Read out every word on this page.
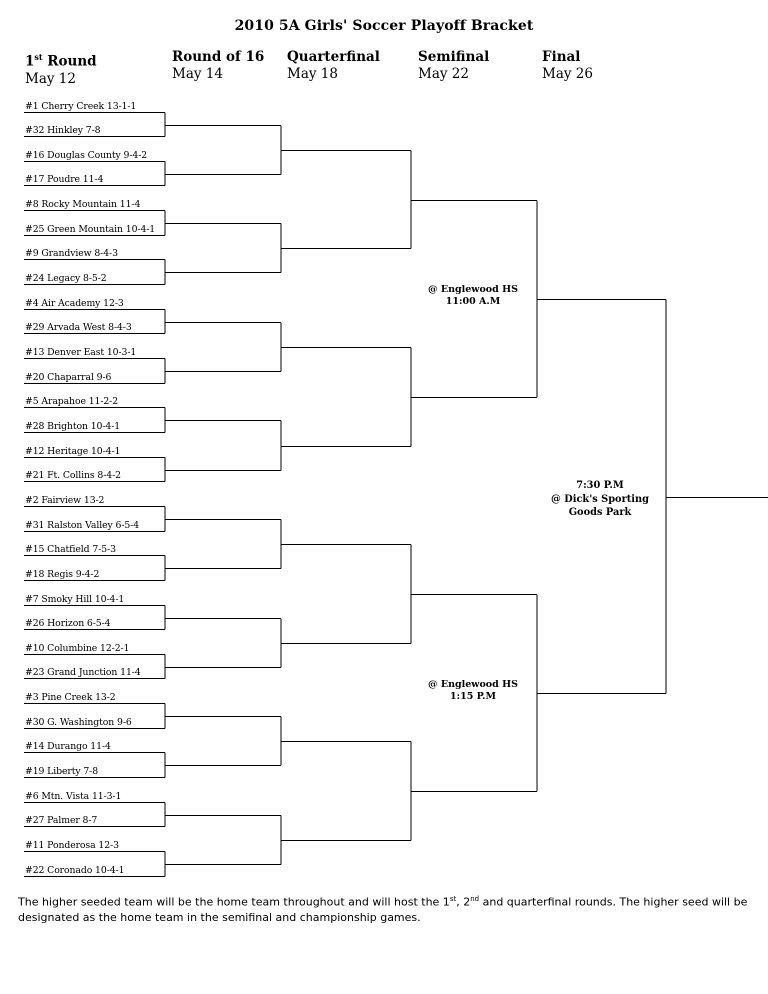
2010 5A Girls' Soccer Playoff Bracket
1st Round
May 12
Round of 16
May 14
Quarterfinal
May 18
Semifinal
May 22
Final
May 26
#1 Cherry Creek 13-1-1
#32 Hinkley 7-8
#16 Douglas County 9-4-2
#17 Poudre 11-4
#8 Rocky Mountain 11-4
#25 Green Mountain 10-4-1
#9 Grandview 8-4-3
#24 Legacy 8-5-2
#4 Air Academy 12-3
#29 Arvada West 8-4-3
#13 Denver East 10-3-1
#20 Chaparral 9-6
#5 Arapahoe 11-2-2
#28 Brighton 10-4-1
#12 Heritage 10-4-1
#21 Ft. Collins 8-4-2
#2 Fairview 13-2
#31 Ralston Valley 6-5-4
#15 Chatfield 7-5-3
#18 Regis 9-4-2
#7 Smoky Hill 10-4-1
#26 Horizon 6-5-4
#10 Columbine 12-2-1
#23 Grand Junction 11-4
#3 Pine Creek 13-2
#30 G. Washington 9-6
#14 Durango 11-4
#19 Liberty 7-8
#6 Mtn. Vista 11-3-1
#27 Palmer 8-7
#11 Ponderosa 12-3
#22 Coronado 10-4-1
@ Englewood HS
11:00 A.M
@ Englewood HS
1:15 P.M
7:30 P.M
@ Dick's Sporting
Goods Park
The higher seeded team will be the home team throughout and will host the 1st, 2nd and quarterfinal rounds. The higher seed will be designated as the home team in the semifinal and championship games.
